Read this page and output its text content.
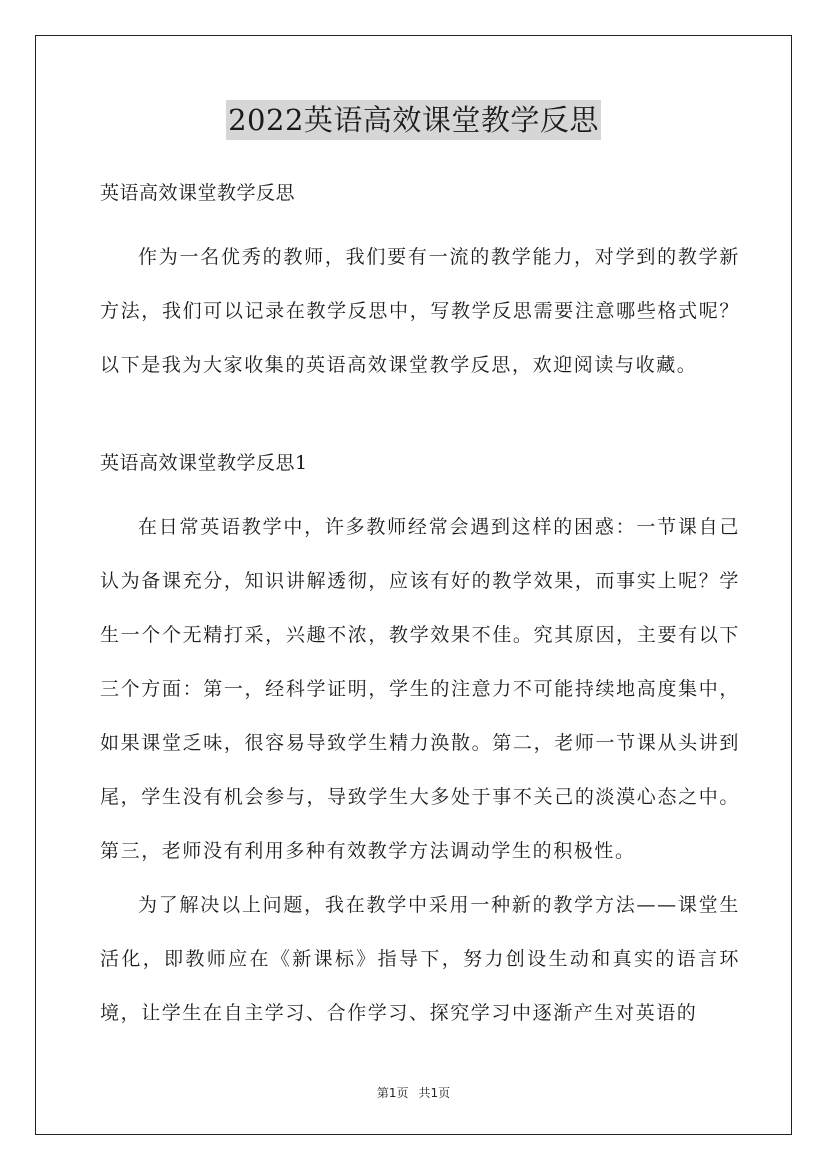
2022英语高效课堂教学反思

英语高效课堂教学反思

作为一名优秀的教师，我们要有一流的教学能力，对学到的教学新方法，我们可以记录在教学反思中，写教学反思需要注意哪些格式呢？以下是我为大家收集的英语高效课堂教学反思，欢迎阅读与收藏。

英语高效课堂教学反思1

在日常英语教学中，许多教师经常会遇到这样的困惑：一节课自己认为备课充分，知识讲解透彻，应该有好的教学效果，而事实上呢？学生一个个无精打采，兴趣不浓，教学效果不佳。究其原因，主要有以下三个方面：第一，经科学证明，学生的注意力不可能持续地高度集中，如果课堂乏味，很容易导致学生精力涣散。第二，老师一节课从头讲到尾，学生没有机会参与，导致学生大多处于事不关己的淡漠心态之中。第三，老师没有利用多种有效教学方法调动学生的积极性。

为了解决以上问题，我在教学中采用一种新的教学方法——课堂生活化，即教师应在《新课标》指导下，努力创设生动和真实的语言环境，让学生在自主学习、合作学习、探究学习中逐渐产生对英语的

第1页 共1页
